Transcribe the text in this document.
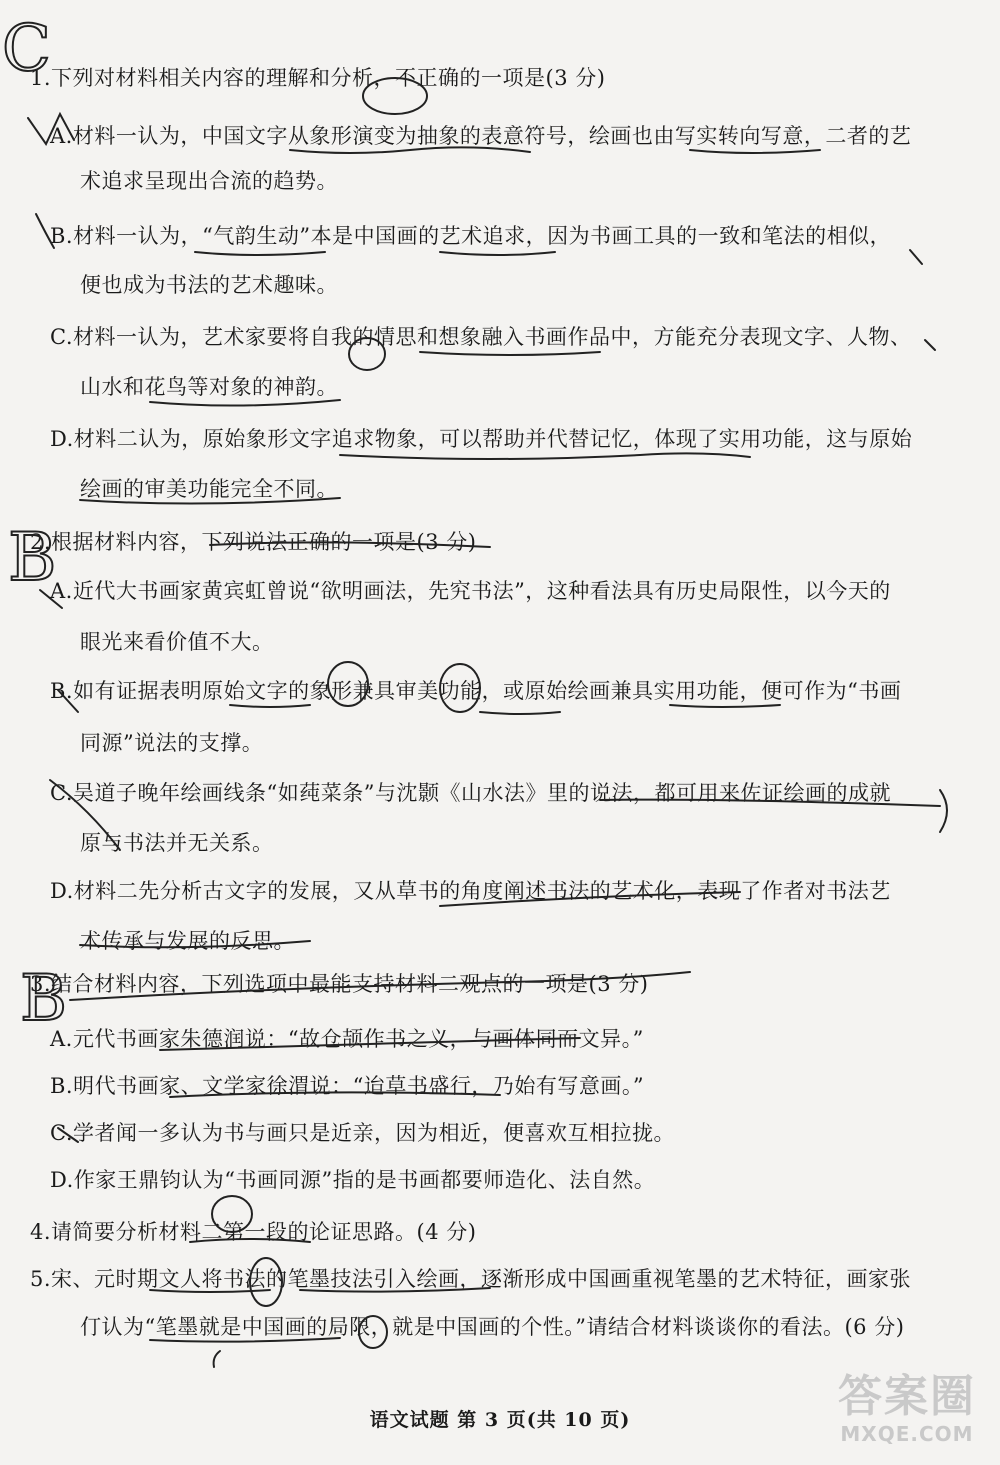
1.下列对材料相关内容的理解和分析，不正确的一项是(3 分)
A.材料一认为，中国文字从象形演变为抽象的表意符号，绘画也由写实转向写意，二者的艺
术追求呈现出合流的趋势。
B.材料一认为，“气韵生动”本是中国画的艺术追求，因为书画工具的一致和笔法的相似，
便也成为书法的艺术趣味。
C.材料一认为，艺术家要将自我的情思和想象融入书画作品中，方能充分表现文字、人物、
山水和花鸟等对象的神韵。
D.材料二认为，原始象形文字追求物象，可以帮助并代替记忆，体现了实用功能，这与原始
绘画的审美功能完全不同。
2.根据材料内容，下列说法正确的一项是(3 分)
A.近代大书画家黄宾虹曾说“欲明画法，先究书法”，这种看法具有历史局限性，以今天的
眼光来看价值不大。
B.如有证据表明原始文字的象形兼具审美功能，或原始绘画兼具实用功能，便可作为“书画
同源”说法的支撑。
C.吴道子晚年绘画线条“如莼菜条”与沈颢《山水法》里的说法，都可用来佐证绘画的成就
原与书法并无关系。
D.材料二先分析古文字的发展，又从草书的角度阐述书法的艺术化，表现了作者对书法艺
术传承与发展的反思。
3.结合材料内容，下列选项中最能支持材料二观点的一项是(3 分)
A.元代书画家朱德润说：“故仓颉作书之义，与画体同而文异。”
B.明代书画家、文学家徐渭说：“迨草书盛行，乃始有写意画。”
C.学者闻一多认为书与画只是近亲，因为相近，便喜欢互相拉拢。
D.作家王鼎钧认为“书画同源”指的是书画都要师造化、法自然。
4.请简要分析材料二第一段的论证思路。(4 分)
5.宋、元时期文人将书法的笔墨技法引入绘画，逐渐形成中国画重视笔墨的艺术特征，画家张
仃认为“笔墨就是中国画的局限，就是中国画的个性。”请结合材料谈谈你的看法。(6 分)
语文试题 第 3 页(共 10 页)
C
B
B
答案圈
MXQE.COM
